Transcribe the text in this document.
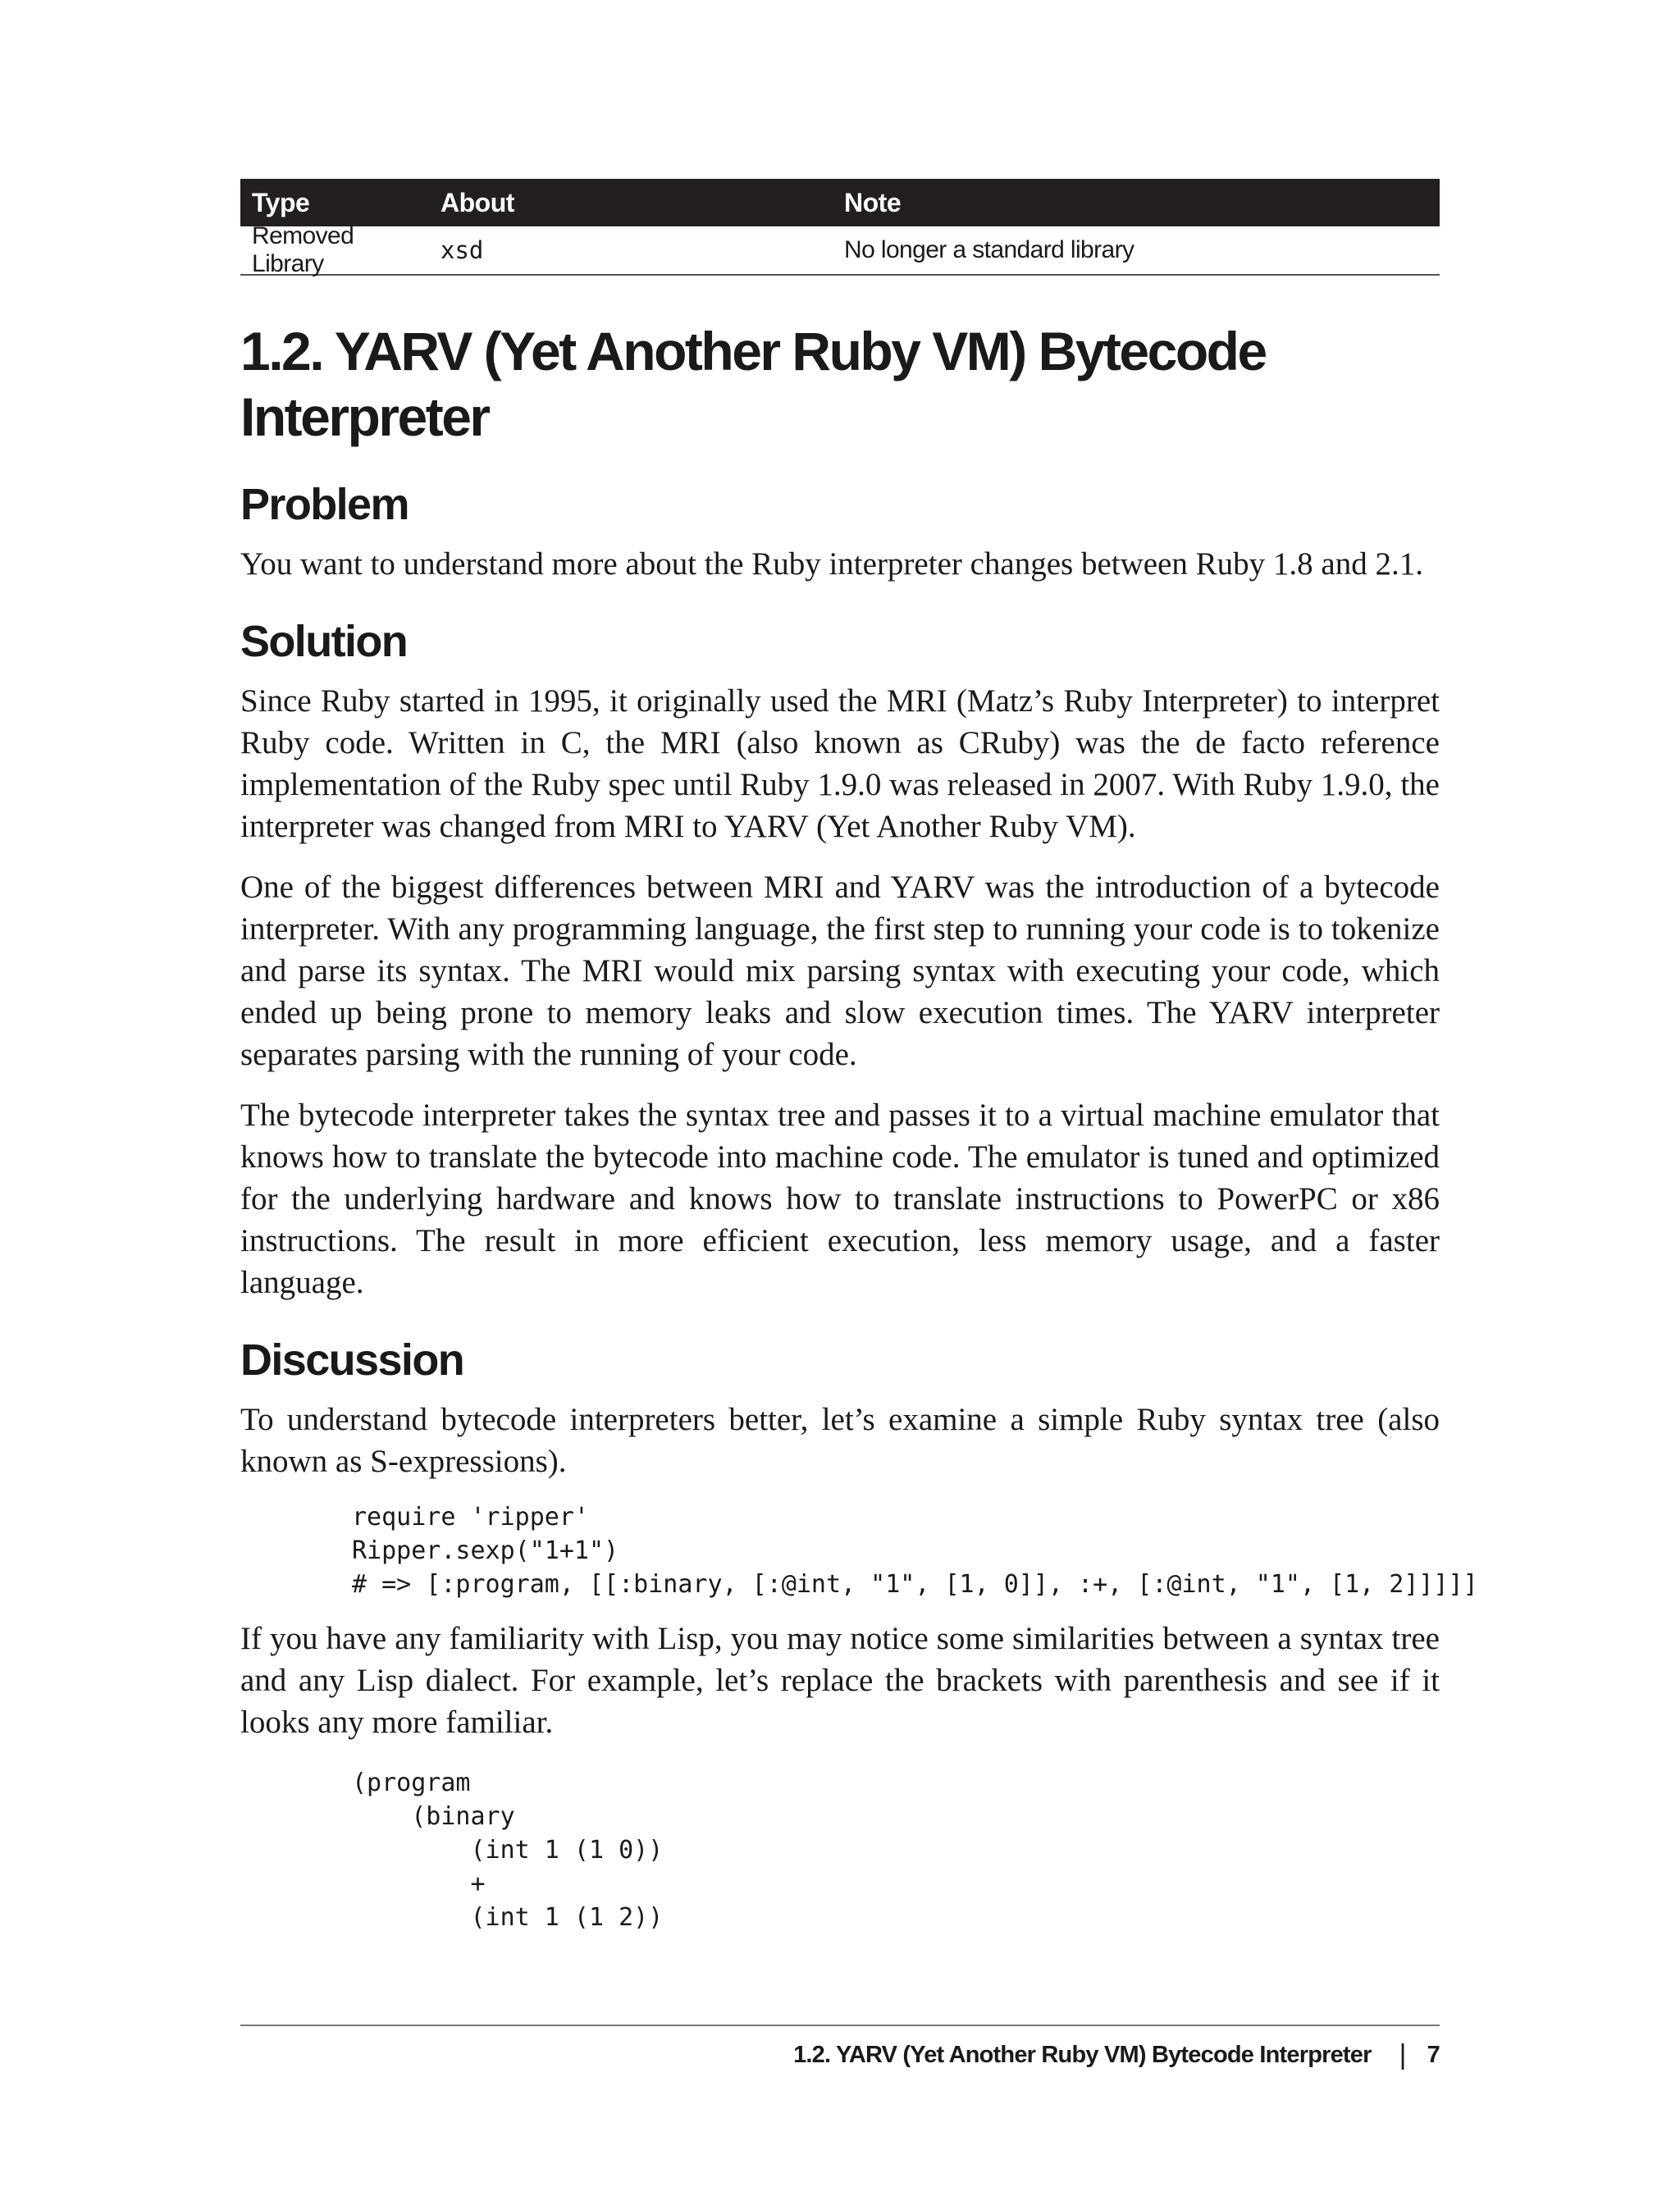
Type	About	Note
Removed Library	xsd	No longer a standard library
1.2. YARV (Yet Another Ruby VM) Bytecode Interpreter
Problem

You want to understand more about the Ruby interpreter changes between Ruby 1.8 and 2.1.

Solution

Since Ruby started in 1995, it originally used the MRI (Matz’s Ruby Interpreter) to interpret Ruby code. Written in C, the MRI (also known as CRuby) was the de facto reference implementation of the Ruby spec until Ruby 1.9.0 was released in 2007. With Ruby 1.9.0, the interpreter was changed from MRI to YARV (Yet Another Ruby VM).

One of the biggest differences between MRI and YARV was the introduction of a bytecode interpreter. With any programming language, the first step to running your code is to tokenize and parse its syntax. The MRI would mix parsing syntax with executing your code, which ended up being prone to memory leaks and slow execution times. The YARV interpreter separates parsing with the running of your code.

The bytecode interpreter takes the syntax tree and passes it to a virtual machine emulator that knows how to translate the bytecode into machine code. The emulator is tuned and optimized for the underlying hardware and knows how to translate instructions to PowerPC or x86 instructions. The result in more efficient execution, less memory usage, and a faster language.

Discussion

To understand bytecode interpreters better, let’s examine a simple Ruby syntax tree (also known as S-expressions).

require 'ripper'
Ripper.sexp("1+1")
# => [:program, [[:binary, [:@int, "1", [1, 0]], :+, [:@int, "1", [1, 2]]]]]

If you have any familiarity with Lisp, you may notice some similarities between a syntax tree and any Lisp dialect. For example, let’s replace the brackets with parenthesis and see if it looks any more familiar.

(program
(binary
(int 1 (1 0))
+
(int 1 (1 2))
1.2. YARV (Yet Another Ruby VM) Bytecode Interpreter | 7
